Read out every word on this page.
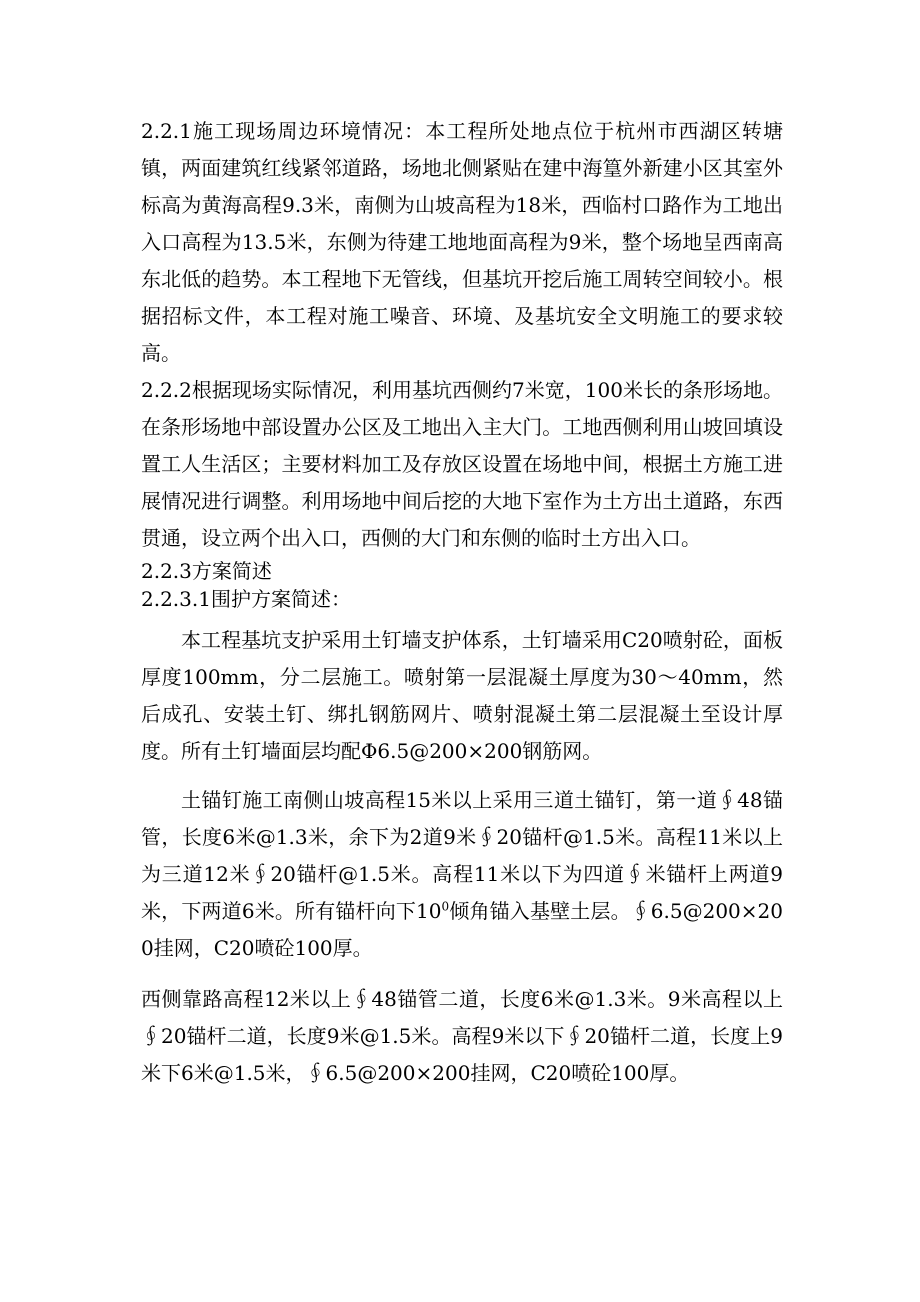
2.2.1施工现场周边环境情况：本工程所处地点位于杭州市西湖区转塘镇，两面建筑红线紧邻道路，场地北侧紧贴在建中海篁外新建小区其室外标高为黄海高程9.3米，南侧为山坡高程为18米，西临村口路作为工地出入口高程为13.5米，东侧为待建工地地面高程为9米，整个场地呈西南高东北低的趋势。本工程地下无管线，但基坑开挖后施工周转空间较小。根据招标文件，本工程对施工噪音、环境、及基坑安全文明施工的要求较高。

2.2.2根据现场实际情况，利用基坑西侧约7米宽，100米长的条形场地。在条形场地中部设置办公区及工地出入主大门。工地西侧利用山坡回填设置工人生活区；主要材料加工及存放区设置在场地中间，根据土方施工进展情况进行调整。利用场地中间后挖的大地下室作为土方出土道路，东西贯通，设立两个出入口，西侧的大门和东侧的临时土方出入口。

2.2.3方案简述

2.2.3.1围护方案简述：

本工程基坑支护采用土钉墙支护体系，土钉墙采用C20喷射砼，面板厚度100mm，分二层施工。喷射第一层混凝土厚度为30～40mm，然后成孔、安装土钉、绑扎钢筋网片、喷射混凝土第二层混凝土至设计厚度。所有土钉墙面层均配Φ6.5@200×200钢筋网。

土锚钉施工南侧山坡高程15米以上采用三道土锚钉，第一道∮48锚管，长度6米@1.3米，余下为2道9米∮20锚杆@1.5米。高程11米以上为三道12米∮20锚杆@1.5米。高程11米以下为四道∮米锚杆上两道9米，下两道6米。所有锚杆向下$10^0$倾角锚入基壁土层。∮6.5@200×200挂网，C20喷砼100厚。

西侧靠路高程12米以上∮48锚管二道，长度6米@1.3米。9米高程以上∮20锚杆二道，长度9米@1.5米。高程9米以下∮20锚杆二道，长度上9米下6米@1.5米，∮6.5@200×200挂网，C20喷砼100厚。
